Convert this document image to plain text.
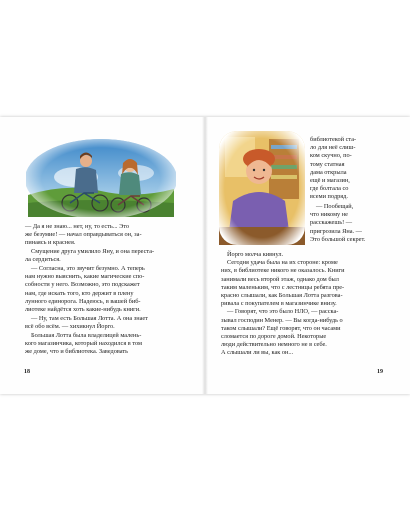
— Да я не знаю... нет, ну, то есть... Это
же безумие! — начал оправдываться он, за-
пинаясь и краснея.
Смущение друга умилило Яну, и она переста-
ла сердиться.
— Согласна, это звучит безумно. А теперь
нам нужно выяснить, какие магические спо-
собности у него. Возможно, это подскажет
нам, где искать того, кто держит в плену
лунного единорога. Надеюсь, в вашей биб-
лиотеке найдётся хоть какие-нибудь книги.
— Ну, там есть Большая Лотта. А она знает
всё обо всём. — хихикнул Йорго.
Большая Лотта была владелицей малень-
кого магазинчика, который находился в том
же доме, что и библиотека. Заведовать
18
библиотекой ста-
ло для неё слиш-
ком скучно, по-
тому статная
дама открыла
ещё и магазин,
где болтала со
всеми подряд.
— Пообещай,
что никому не
расскажешь! —
пригрозила Яна. —
Это большой секрет.
Йорго молча кивнул.
Сегодня удача была на их стороне: кроме
них, в библиотеке никого не оказалось. Книги
занимали весь второй этаж, однако дом был
таким маленьким, что с лестницы ребята пре-
красно слышали, как Большая Лотта разгова-
ривала с покупателем в магазинчике внизу.
— Говорят, что это было НЛО, — расска-
зывал господин Менер. — Вы когда-нибудь о
таком слышали? Ещё говорят, что он часами
сломается по дороге домой. Некоторые
люди действительно немного не в себе.
А слышали ли вы, как он...
19
